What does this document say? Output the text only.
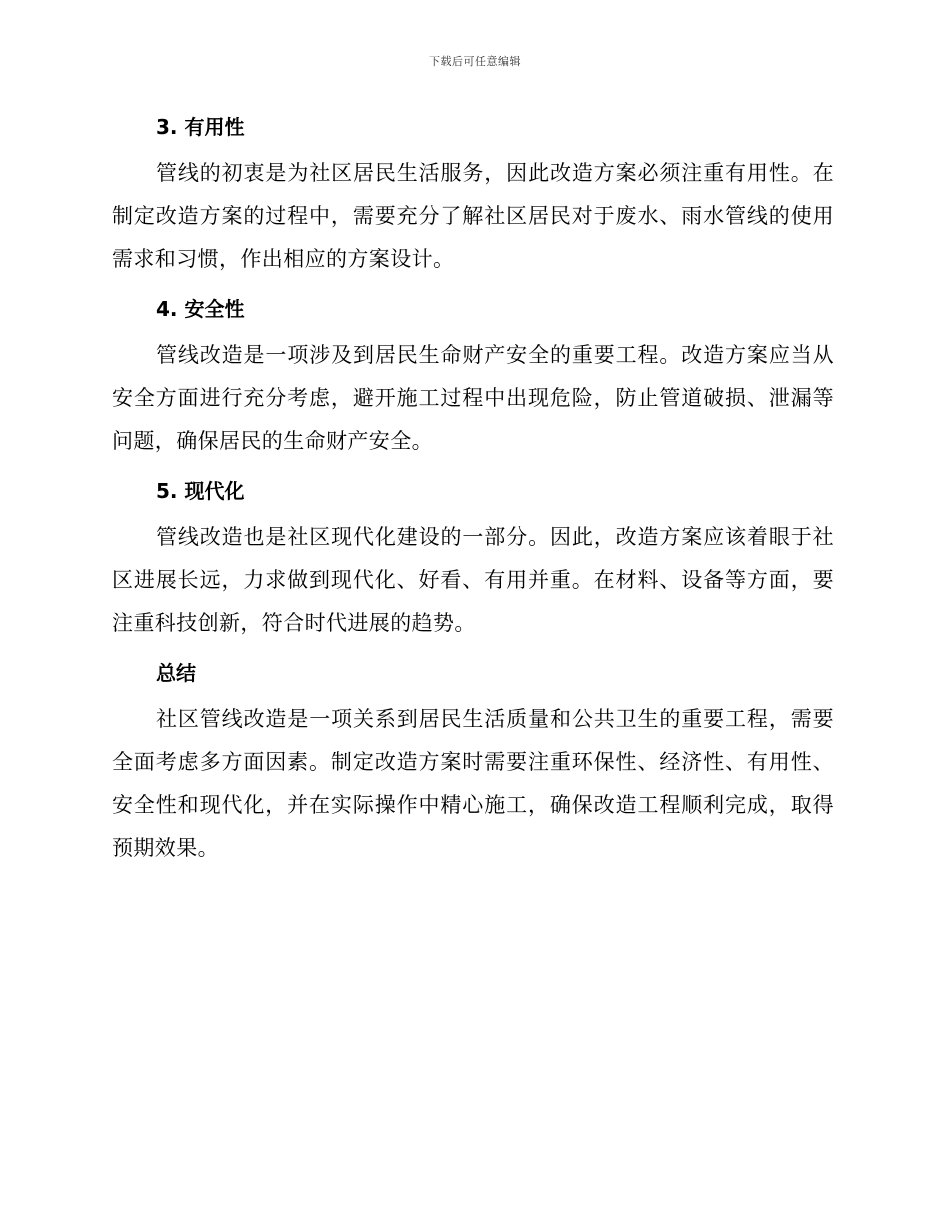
下载后可任意编辑
3. 有用性

管线的初衷是为社区居民生活服务，因此改造方案必须注重有用性。在制定改造方案的过程中，需要充分了解社区居民对于废水、雨水管线的使用需求和习惯，作出相应的方案设计。

4. 安全性

管线改造是一项涉及到居民生命财产安全的重要工程。改造方案应当从安全方面进行充分考虑，避开施工过程中出现危险，防止管道破损、泄漏等问题，确保居民的生命财产安全。

5. 现代化

管线改造也是社区现代化建设的一部分。因此，改造方案应该着眼于社区进展长远，力求做到现代化、好看、有用并重。在材料、设备等方面，要注重科技创新，符合时代进展的趋势。

总结

社区管线改造是一项关系到居民生活质量和公共卫生的重要工程，需要全面考虑多方面因素。制定改造方案时需要注重环保性、经济性、有用性、安全性和现代化，并在实际操作中精心施工，确保改造工程顺利完成，取得预期效果。
